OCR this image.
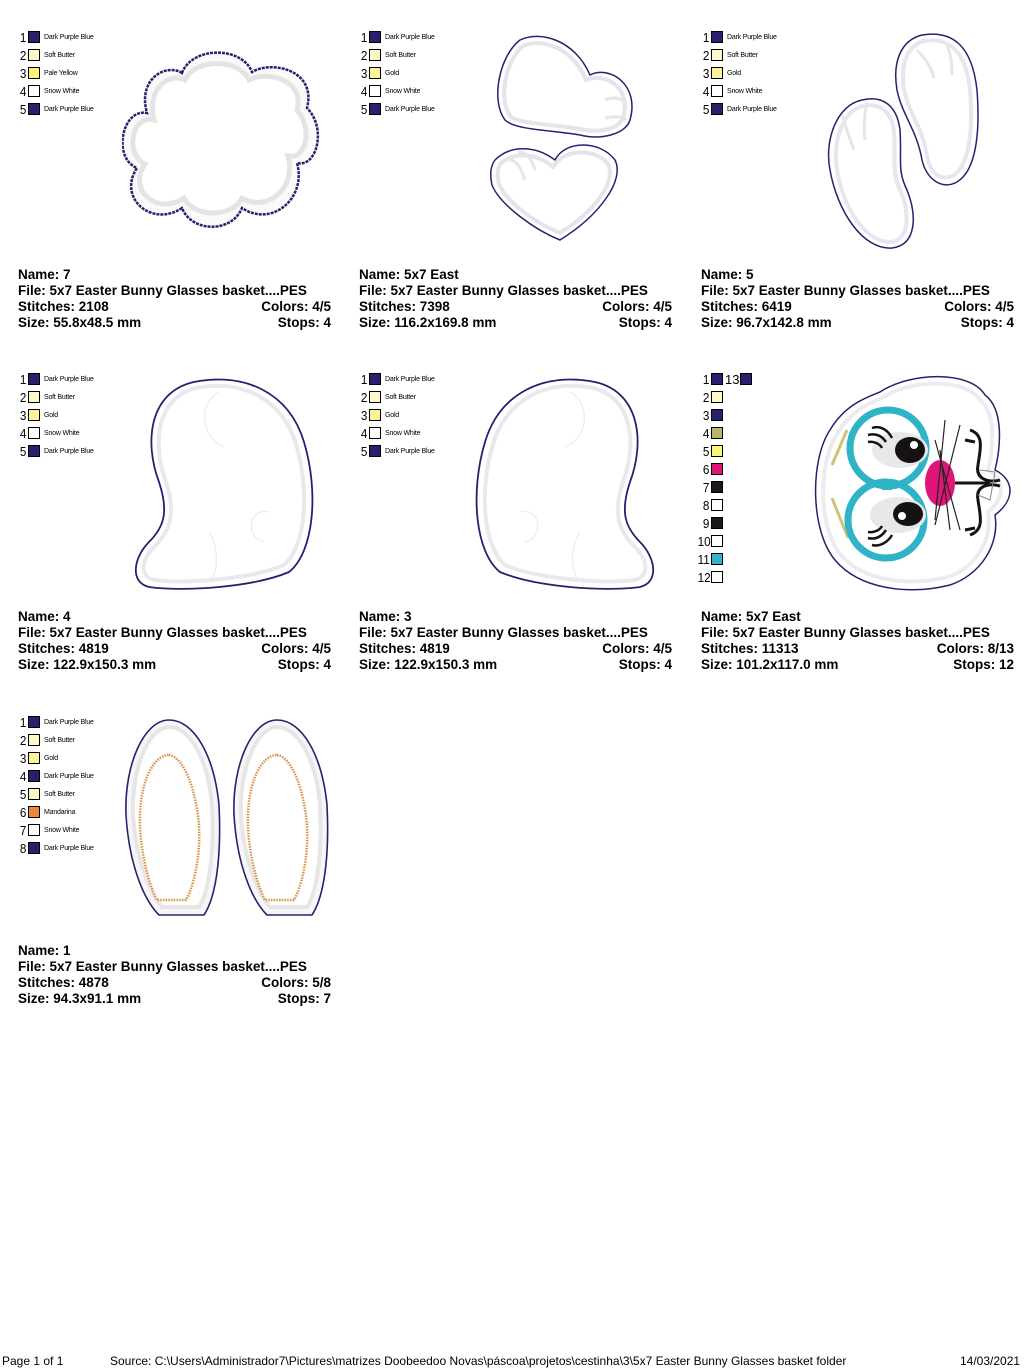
1	Dark Purple Blue
2	Soft Butter
3	Pale Yellow
4	Snow White
5	Dark Purple Blue
Name: 7
File: 5x7 Easter Bunny Glasses basket....PES
Stitches: 2108	Colors: 4/5
Size: 55.8x48.5 mm	Stops: 4
1	Dark Purple Blue
2	Soft Butter
3	Gold
4	Snow White
5	Dark Purple Blue
Name: 5x7 East
File: 5x7 Easter Bunny Glasses basket....PES
Stitches: 7398	Colors: 4/5
Size: 116.2x169.8 mm	Stops: 4
1	Dark Purple Blue
2	Soft Butter
3	Gold
4	Snow White
5	Dark Purple Blue
Name: 5
File: 5x7 Easter Bunny Glasses basket....PES
Stitches: 6419	Colors: 4/5
Size: 96.7x142.8 mm	Stops: 4
1	Dark Purple Blue
2	Soft Butter
3	Gold
4	Snow White
5	Dark Purple Blue
Name: 4
File: 5x7 Easter Bunny Glasses basket....PES
Stitches: 4819	Colors: 4/5
Size: 122.9x150.3 mm	Stops: 4
1	Dark Purple Blue
2	Soft Butter
3	Gold
4	Snow White
5	Dark Purple Blue
Name: 3
File: 5x7 Easter Bunny Glasses basket....PES
Stitches: 4819	Colors: 4/5
Size: 122.9x150.3 mm	Stops: 4
1 13
2
3
4
5
6
7
8
9
10
11
12
Name: 5x7 East
File: 5x7 Easter Bunny Glasses basket....PES
Stitches: 11313	Colors: 8/13
Size: 101.2x117.0 mm	Stops: 12
1	Dark Purple Blue
2	Soft Butter
3	Gold
4	Dark Purple Blue
5	Soft Butter
6	Mandarina
7	Snow White
8	Dark Purple Blue
Name: 1
File: 5x7 Easter Bunny Glasses basket....PES
Stitches: 4878	Colors: 5/8
Size: 94.3x91.1 mm	Stops: 7
Page 1 of 1	Source: C:\Users\Administrador7\Pictures\matrizes Doobeedoo Novas\páscoa\projetos\cestinha\3\5x7 Easter Bunny Glasses basket folder	14/03/2021
